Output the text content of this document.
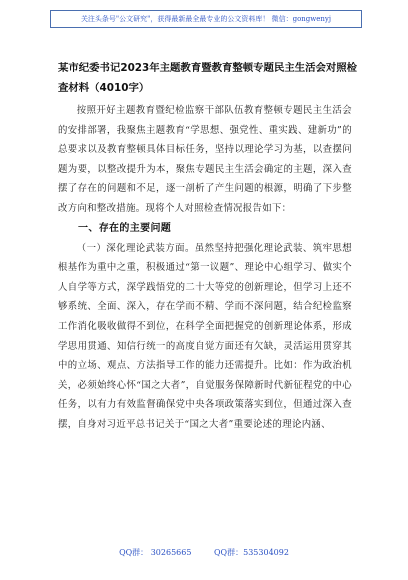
关注头条号"公文研究"，获得最新最全最专业的公文资料库！ 微信：gongwenyj
某市纪委书记2023年主题教育暨教育整顿专题民主生活会对照检查材料（4010字）

按照开好主题教育暨纪检监察干部队伍教育整顿专题民主生活会的安排部署，我聚焦主题教育“学思想、强党性、重实践、建新功”的总要求以及教育整顿具体目标任务，坚持以理论学习为基，以查摆问题为要，以整改提升为本，聚焦专题民主生活会确定的主题，深入查摆了存在的问题和不足，逐一剖析了产生问题的根源，明确了下步整改方向和整改措施。现将个人对照检查情况报告如下：

一、存在的主要问题

（一）深化理论武装方面。虽然坚持把强化理论武装、筑牢思想根基作为重中之重，积极通过“第一议题”、理论中心组学习、做实个人自学等方式，深学践悟党的二十大等党的创新理论，但学习上还不够系统、全面、深入，存在学而不精、学而不深问题，结合纪检监察工作消化吸收做得不到位，在科学全面把握党的创新理论体系，形成学思用贯通、知信行统一的高度自觉方面还有欠缺，灵活运用贯穿其中的立场、观点、方法指导工作的能力还需提升。比如：作为政治机关，必须始终心怀“国之大者”，自觉服务保障新时代新征程党的中心任务，以有力有效监督确保党中央各项政策落实到位，但通过深入查摆，自身对习近平总书记关于“国之大者”重要论述的理论内涵、

QQ群： 30265665	QQ群：535304092
